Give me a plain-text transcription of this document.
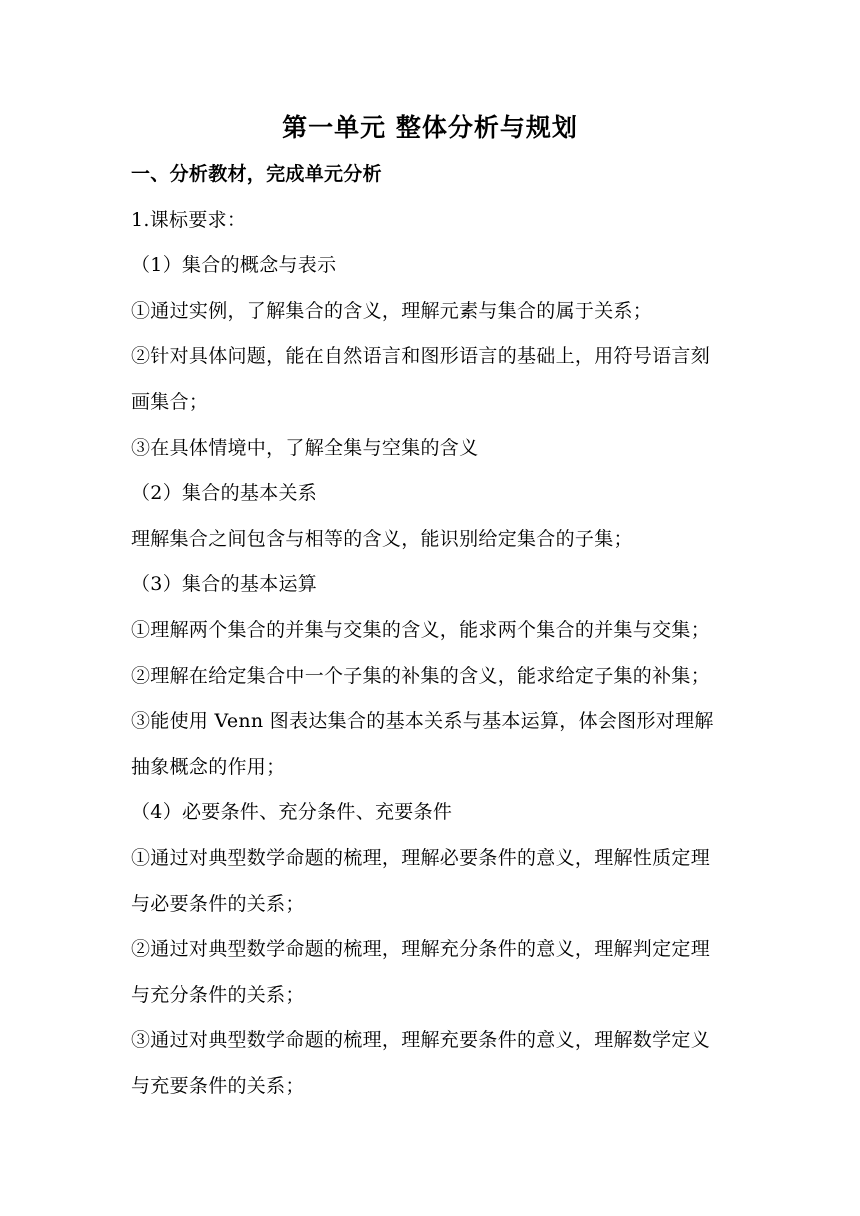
第一单元 整体分析与规划
一、分析教材，完成单元分析
1.课标要求：
（1）集合的概念与表示
①通过实例，了解集合的含义，理解元素与集合的属于关系；
②针对具体问题，能在自然语言和图形语言的基础上，用符号语言刻
画集合；
③在具体情境中，了解全集与空集的含义
（2）集合的基本关系
理解集合之间包含与相等的含义，能识别给定集合的子集；
（3）集合的基本运算
①理解两个集合的并集与交集的含义，能求两个集合的并集与交集；
②理解在给定集合中一个子集的补集的含义，能求给定子集的补集；
③能使用 Venn 图表达集合的基本关系与基本运算，体会图形对理解
抽象概念的作用；
（4）必要条件、充分条件、充要条件
①通过对典型数学命题的梳理，理解必要条件的意义，理解性质定理
与必要条件的关系；
②通过对典型数学命题的梳理，理解充分条件的意义，理解判定定理
与充分条件的关系；
③通过对典型数学命题的梳理，理解充要条件的意义，理解数学定义
与充要条件的关系；
